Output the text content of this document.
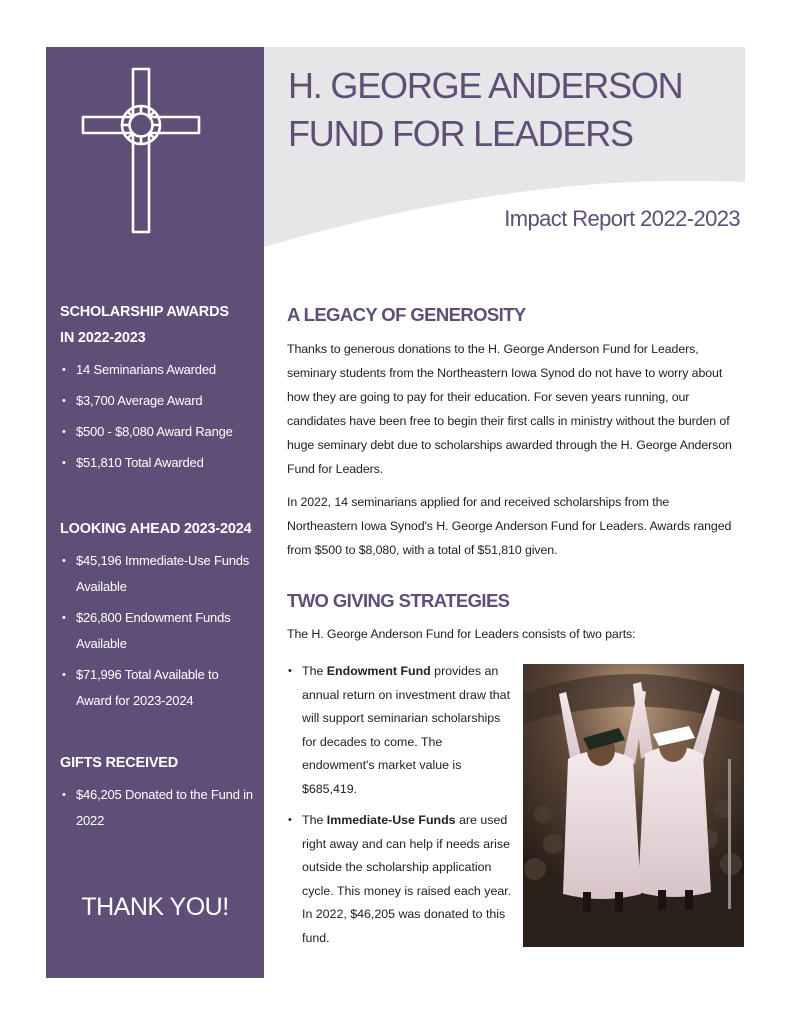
SCHOLARSHIP AWARDS
IN 2022-2023
• 14 Seminarians Awarded
• $3,700 Average Award
• $500 - $8,080 Award Range
• $51,810 Total Awarded
LOOKING AHEAD 2023-2024
• $45,196 Immediate-Use Funds Available
• $26,800 Endowment Funds Available
• $71,996 Total Available to Award for 2023-2024
GIFTS RECEIVED
• $46,205 Donated to the Fund in 2022
THANK YOU!
H. GEORGE ANDERSON
FUND FOR LEADERS
Impact Report 2022-2023
A LEGACY OF GENEROSITY

Thanks to generous donations to the H. George Anderson Fund for Leaders, seminary students from the Northeastern Iowa Synod do not have to worry about how they are going to pay for their education. For seven years running, our candidates have been free to begin their first calls in ministry without the burden of huge seminary debt due to scholarships awarded through the H. George Anderson Fund for Leaders.

In 2022, 14 seminarians applied for and received scholarships from the Northeastern Iowa Synod's H. George Anderson Fund for Leaders. Awards ranged from $500 to $8,080, with a total of $51,810 given.

TWO GIVING STRATEGIES

The H. George Anderson Fund for Leaders consists of two parts:

• The Endowment Fund provides an annual return on investment draw that will support seminarian scholarships for decades to come. The endowment's market value is $685,419.
• The Immediate-Use Funds are used right away and can help if needs arise outside the scholarship application cycle. This money is raised each year. In 2022, $46,205 was donated to this fund.
